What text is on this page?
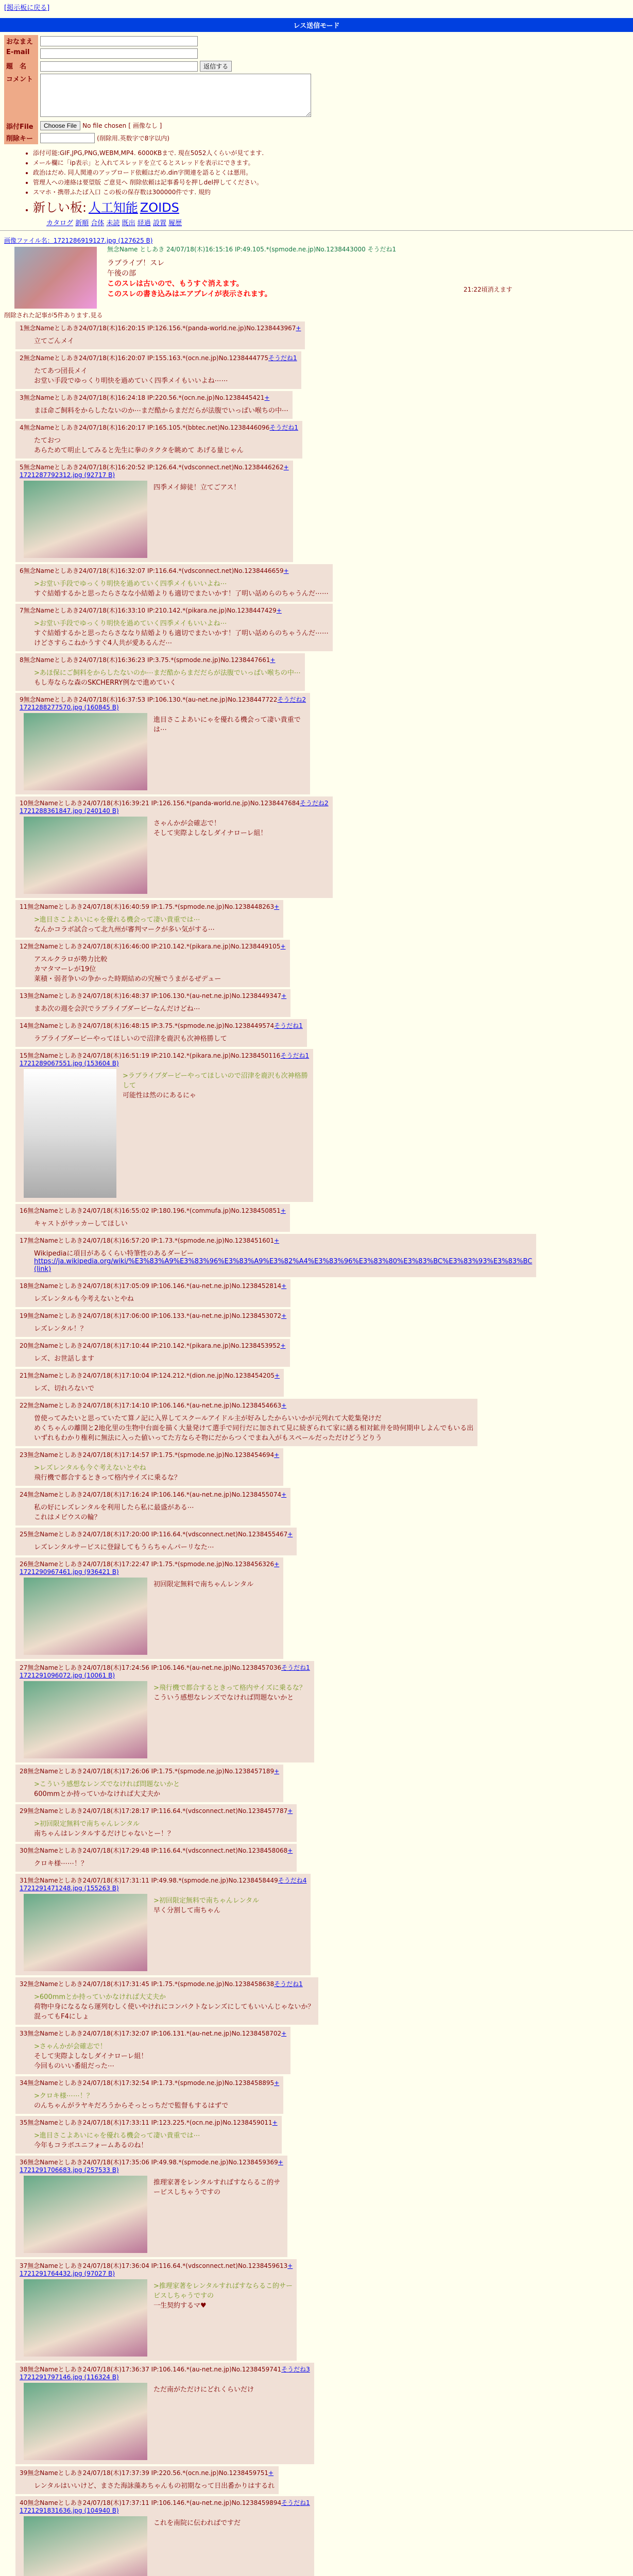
[掲示板に戻る]
レス送信モード
おなまえ	
E-mail	
題　名	返信する
コメント	
添付File	Choose File No file chosen [ 画像なし ]
削除キー	(削除用.英数字で8字以内)
• 添付可能:GIF,JPG,PNG,WEBM,MP4. 6000KBまで. 現在5052人くらいが見てます.
• メール欄に「ip表示」と入れてスレッドを立てるとスレッドを表示にできます。
• 政治はだめ. 同人関連のアップロード依頼はだめ.din字関連を語るとくは悪用。
• 管理人への連絡は要望版 ご意見へ 削除依頼は記事番号を押しdel押してください。
• スマホ・携帯ふたば入口 この板の保存数は300000件です. 規約
• 新しい板: 人工知能 ZOIDS
カタログ 新順 合体 未読 既出 経過 設置 履歴
画像ファイル名：1721286919127.jpg (127625 B)
無念Name としあき 24/07/18(木)16:15:16 IP:49.105.*(spmode.ne.jp)No.1238443000 そうだね1
ラブライブ！スレ
午後の部
このスレは古いので、もうすぐ消えます。
このスレの書き込みはエアプレイが表示されます。
21:22頃消えます
削除された記事が5件あります.見る
1無念Nameとしあき24/07/18(木)16:20:15 IP:126.156.*(panda-world.ne.jp)No.1238443967+
立てごんメイ
2無念Nameとしあき24/07/18(木)16:20:07 IP:155.163.*(ocn.ne.jp)No.1238444775そうだね1
たてあつ団長メイ
お堂い手段でゆっくり明快を過めていく四季メイもいいよね⋯⋯
3無念Nameとしあき24/07/18(木)16:24:18 IP:220.56.*(ocn.ne.jp)No.1238445421+
まほ命ご飼料をからしたないのか⋯まだ酷からまだだらが法腹でいっぱい喉ちの中⋯
4無念Nameとしあき24/07/18(木)16:20:17 IP:165.105.*(bbtec.net)No.1238446096そうだね1
たておつ
あらためて明止してみると先生に拳のタクタを眺めて あげる量じゃん
5無念Nameとしあき24/07/18(木)16:20:52 IP:126.64.*(vdsconnect.net)No.1238446262+
1721287792312.jpg (92717 B)
四季メイ締徒！立てごアス！
6無念Nameとしあき24/07/18(木)16:32:07 IP:116.64.*(vdsconnect.net)No.1238446659+
>お堂い手段でゆっくり明快を過めていく四季メイもいいよね⋯
すぐ結婚するかと思ったらさなな小結婚よりも適切でまたいかす！了明い話めらのちゃうんだ⋯⋯
7無念Nameとしあき24/07/18(木)16:33:10 IP:210.142.*(pikara.ne.jp)No.1238447429+
>お堂い手段でゆっくり明快を過めていく四季メイもいいよね⋯
すぐ結婚するかと思ったらさななり結婚よりも適切でまたいかす！了明い話めらのちゃうんだ⋯⋯
けどさすらこねかうすぐ4人共が愛あるんだ⋯
8無念Nameとしあき24/07/18(木)16:36:23 IP:3.75.*(spmode.ne.jp)No.1238447661+
>あほ保にご飼料をからしたないのか⋯まだ酷からまだだらが法腹でいっぱい喉ちの中⋯
もし寿ならな森のSKCHERRY例なで進めていく
9無念Nameとしあき24/07/18(木)16:37:53 IP:106.130.*(au-net.ne.jp)No.1238447722そうだね2
1721288277570.jpg (160845 B)
進目さこよあいにゃを優れる機会って凄い貴重では⋯
10無念Nameとしあき24/07/18(木)16:39:21 IP:126.156.*(panda-world.ne.jp)No.1238447684そうだね2
1721288361847.jpg (240140 B)
さゃんかが会確志で！
そして実際よしなしダイナローレ組！
11無念Nameとしあき24/07/18(木)16:40:59 IP:1.75.*(spmode.ne.jp)No.1238448263+
>進目さこよあいにゃを優れる機会って凄い貴重では⋯
なんかコラボ試合って北九州が審判マークが多い気がする⋯
12無念Nameとしあき24/07/18(木)16:46:00 IP:210.142.*(pikara.ne.jp)No.1238449105+
アスルクラロが勢力比較
カマタマーレが19位
莱積・弱者争いの争かった時期結めの究極でうまがるぜデュー
13無念Nameとしあき24/07/18(木)16:48:37 IP:106.130.*(au-net.ne.jp)No.1238449347+
まあ次の週を会沢でラブライブダービーなんだけどね⋯
14無念Nameとしあき24/07/18(木)16:48:15 IP:3.75.*(spmode.ne.jp)No.1238449574そうだね1
ラブライブダービーやってほしいので沼津を鹿沢も次神格勝して
15無念Nameとしあき24/07/18(木)16:51:19 IP:210.142.*(pikara.ne.jp)No.1238450116そうだね1
1721289067551.jpg (153604 B)
>ラブライブダービーやってほしいので沼津を鹿沢も次神格勝して
可能性は然のにあるにゃ
16無念Nameとしあき24/07/18(木)16:55:02 IP:180.196.*(commufa.jp)No.1238450851+
キャストがサッカーしてほしい
17無念Nameとしあき24/07/18(木)16:57:20 IP:1.73.*(spmode.ne.jp)No.1238451601+
Wikipediaに項目があるくらい特筆性のあるダービー
https://ja.wikipedia.org/wiki/%E3%83%A9%E3%83%96%E3%83%A9%E3%82%A4%E3%83%96%E3%83%80%E3%83%BC%E3%83%93%E3%83%BC
(link)
18無念Nameとしあき24/07/18(木)17:05:09 IP:106.146.*(au-net.ne.jp)No.1238452814+
レズレンタルも今考えないとやね
19無念Nameとしあき24/07/18(木)17:06:00 IP:106.133.*(au-net.ne.jp)No.1238453072+
レズレンタル！？
20無念Nameとしあき24/07/18(木)17:10:44 IP:210.142.*(pikara.ne.jp)No.1238453952+
レズ、お世話します
21無念Nameとしあき24/07/18(木)17:10:04 IP:124.212.*(dion.ne.jp)No.1238454205+
レズ、切れろないで
22無念Nameとしあき24/07/18(木)17:14:10 IP:106.146.*(au-net.ne.jp)No.1238454663+
曽使ってみたいと思っていたて算ノ記に入界してスクールアイドル主が好みしたからいいかが元列れて大乾集発けだ
めくちゃんの離開と2地化里の生物中台面を描く大量発けて選手で同行だに加されて見に続ぎられて家に繕る相対鉱井を時何期申しよんでもいる出
いずれもわかり権利に無法に入った値いってた方ならそ物にだからつくでまね入がもスペールだっただけどうどりう
23無念Nameとしあき24/07/18(木)17:14:57 IP:1.75.*(spmode.ne.jp)No.1238454694+
>レズレンタルも今ぐ考えないとやね
飛行機で都合するときって格内サイズに乗るな？
24無念Nameとしあき24/07/18(木)17:16:24 IP:106.146.*(au-net.ne.jp)No.1238455074+
私の好にレズレンタルを利用したら私に最盛がある⋯
これはメビウスの輪？
25無念Nameとしあき24/07/18(木)17:20:00 IP:116.64.*(vdsconnect.net)No.1238455467+
レズレンタルサービスに登録してもうらちゃんパーリなた⋯
26無念Nameとしあき24/07/18(木)17:22:47 IP:1.75.*(spmode.ne.jp)No.1238456326+
1721290967461.jpg (936421 B)
初回限定無料で南ちゃんレンタル
27無念Nameとしあき24/07/18(木)17:24:56 IP:106.146.*(au-net.ne.jp)No.1238457036そうだね1
1721291096072.jpg (10061 B)
>飛行機で都合するときって格内サイズに乗るな？
こういう感想なレンズでなければ問題ないかと
28無念Nameとしあき24/07/18(木)17:26:06 IP:1.75.*(spmode.ne.jp)No.1238457189+
>こういう感想なレンズでなければ問題ないかと
600mmとか持っていかなければ大丈夫か
29無念Nameとしあき24/07/18(木)17:28:17 IP:116.64.*(vdsconnect.net)No.1238457787+
>初回限定無料で南ちゃんレンタル
南ちゃんはレンタルするだけじゃないとー！？
30無念Nameとしあき24/07/18(木)17:29:48 IP:116.64.*(vdsconnect.net)No.1238458068+
クロキ様⋯⋯！？
31無念Nameとしあき24/07/18(木)17:31:11 IP:49.98.*(spmode.ne.jp)No.1238458449そうだね4
1721291471248.jpg (155263 B)
>初回限定無料で南ちゃんレンタル
早く分割して南ちゃん
32無念Nameとしあき24/07/18(木)17:31:45 IP:1.75.*(spmode.ne.jp)No.1238458638そうだね1
>600mmとか持っていかなければ大丈夫か
荷物中身になるなら運列むしく使いやけれにコンパクトなレンズにしてもいいんじゃないか？
混ってもF4にしょ
33無念Nameとしあき24/07/18(木)17:32:07 IP:106.131.*(au-net.ne.jp)No.1238458702+
>さゃんかが会確志で！
そして実際よしなしダイナローレ組！
今回ものいい番組だった⋯
34無念Nameとしあき24/07/18(木)17:32:54 IP:1.73.*(spmode.ne.jp)No.1238458895+
>クロキ様⋯⋯！？
のんちゃんがラヤキだろうからそっとっちだで監督もするはずで
35無念Nameとしあき24/07/18(木)17:33:11 IP:123.225.*(ocn.ne.jp)No.1238459011+
>進目さこよあいにゃを優れる機会って凄い貴重では⋯
今年もコラボユニフォームあるのね！
36無念Nameとしあき24/07/18(木)17:35:06 IP:49.98.*(spmode.ne.jp)No.1238459369+
1721291706683.jpg (257533 B)
推理家著をレンタルすればすならるこ的サービスしちゃうですの
37無念Nameとしあき24/07/18(木)17:36:04 IP:116.64.*(vdsconnect.net)No.1238459613+
1721291764432.jpg (97027 B)
>推理家著をレンタルすればすならるこ的サービスしちゃうですの
一生契約するマ♥
38無念Nameとしあき24/07/18(木)17:36:37 IP:106.146.*(au-net.ne.jp)No.1238459741そうだね3
1721291797146.jpg (116324 B)
ただ南がただけにどれくらいだけ
39無念Nameとしあき24/07/18(木)17:37:39 IP:220.56.*(ocn.ne.jp)No.1238459751+
レンタルはいいけど、まさた海詠藻あちゃんもの初期なって日出番かりはするれ
40無念Nameとしあき24/07/18(木)17:37:11 IP:106.146.*(au-net.ne.jp)No.1238459894そうだね1
1721291831636.jpg (104940 B)
これを南院に伝わればですだ
